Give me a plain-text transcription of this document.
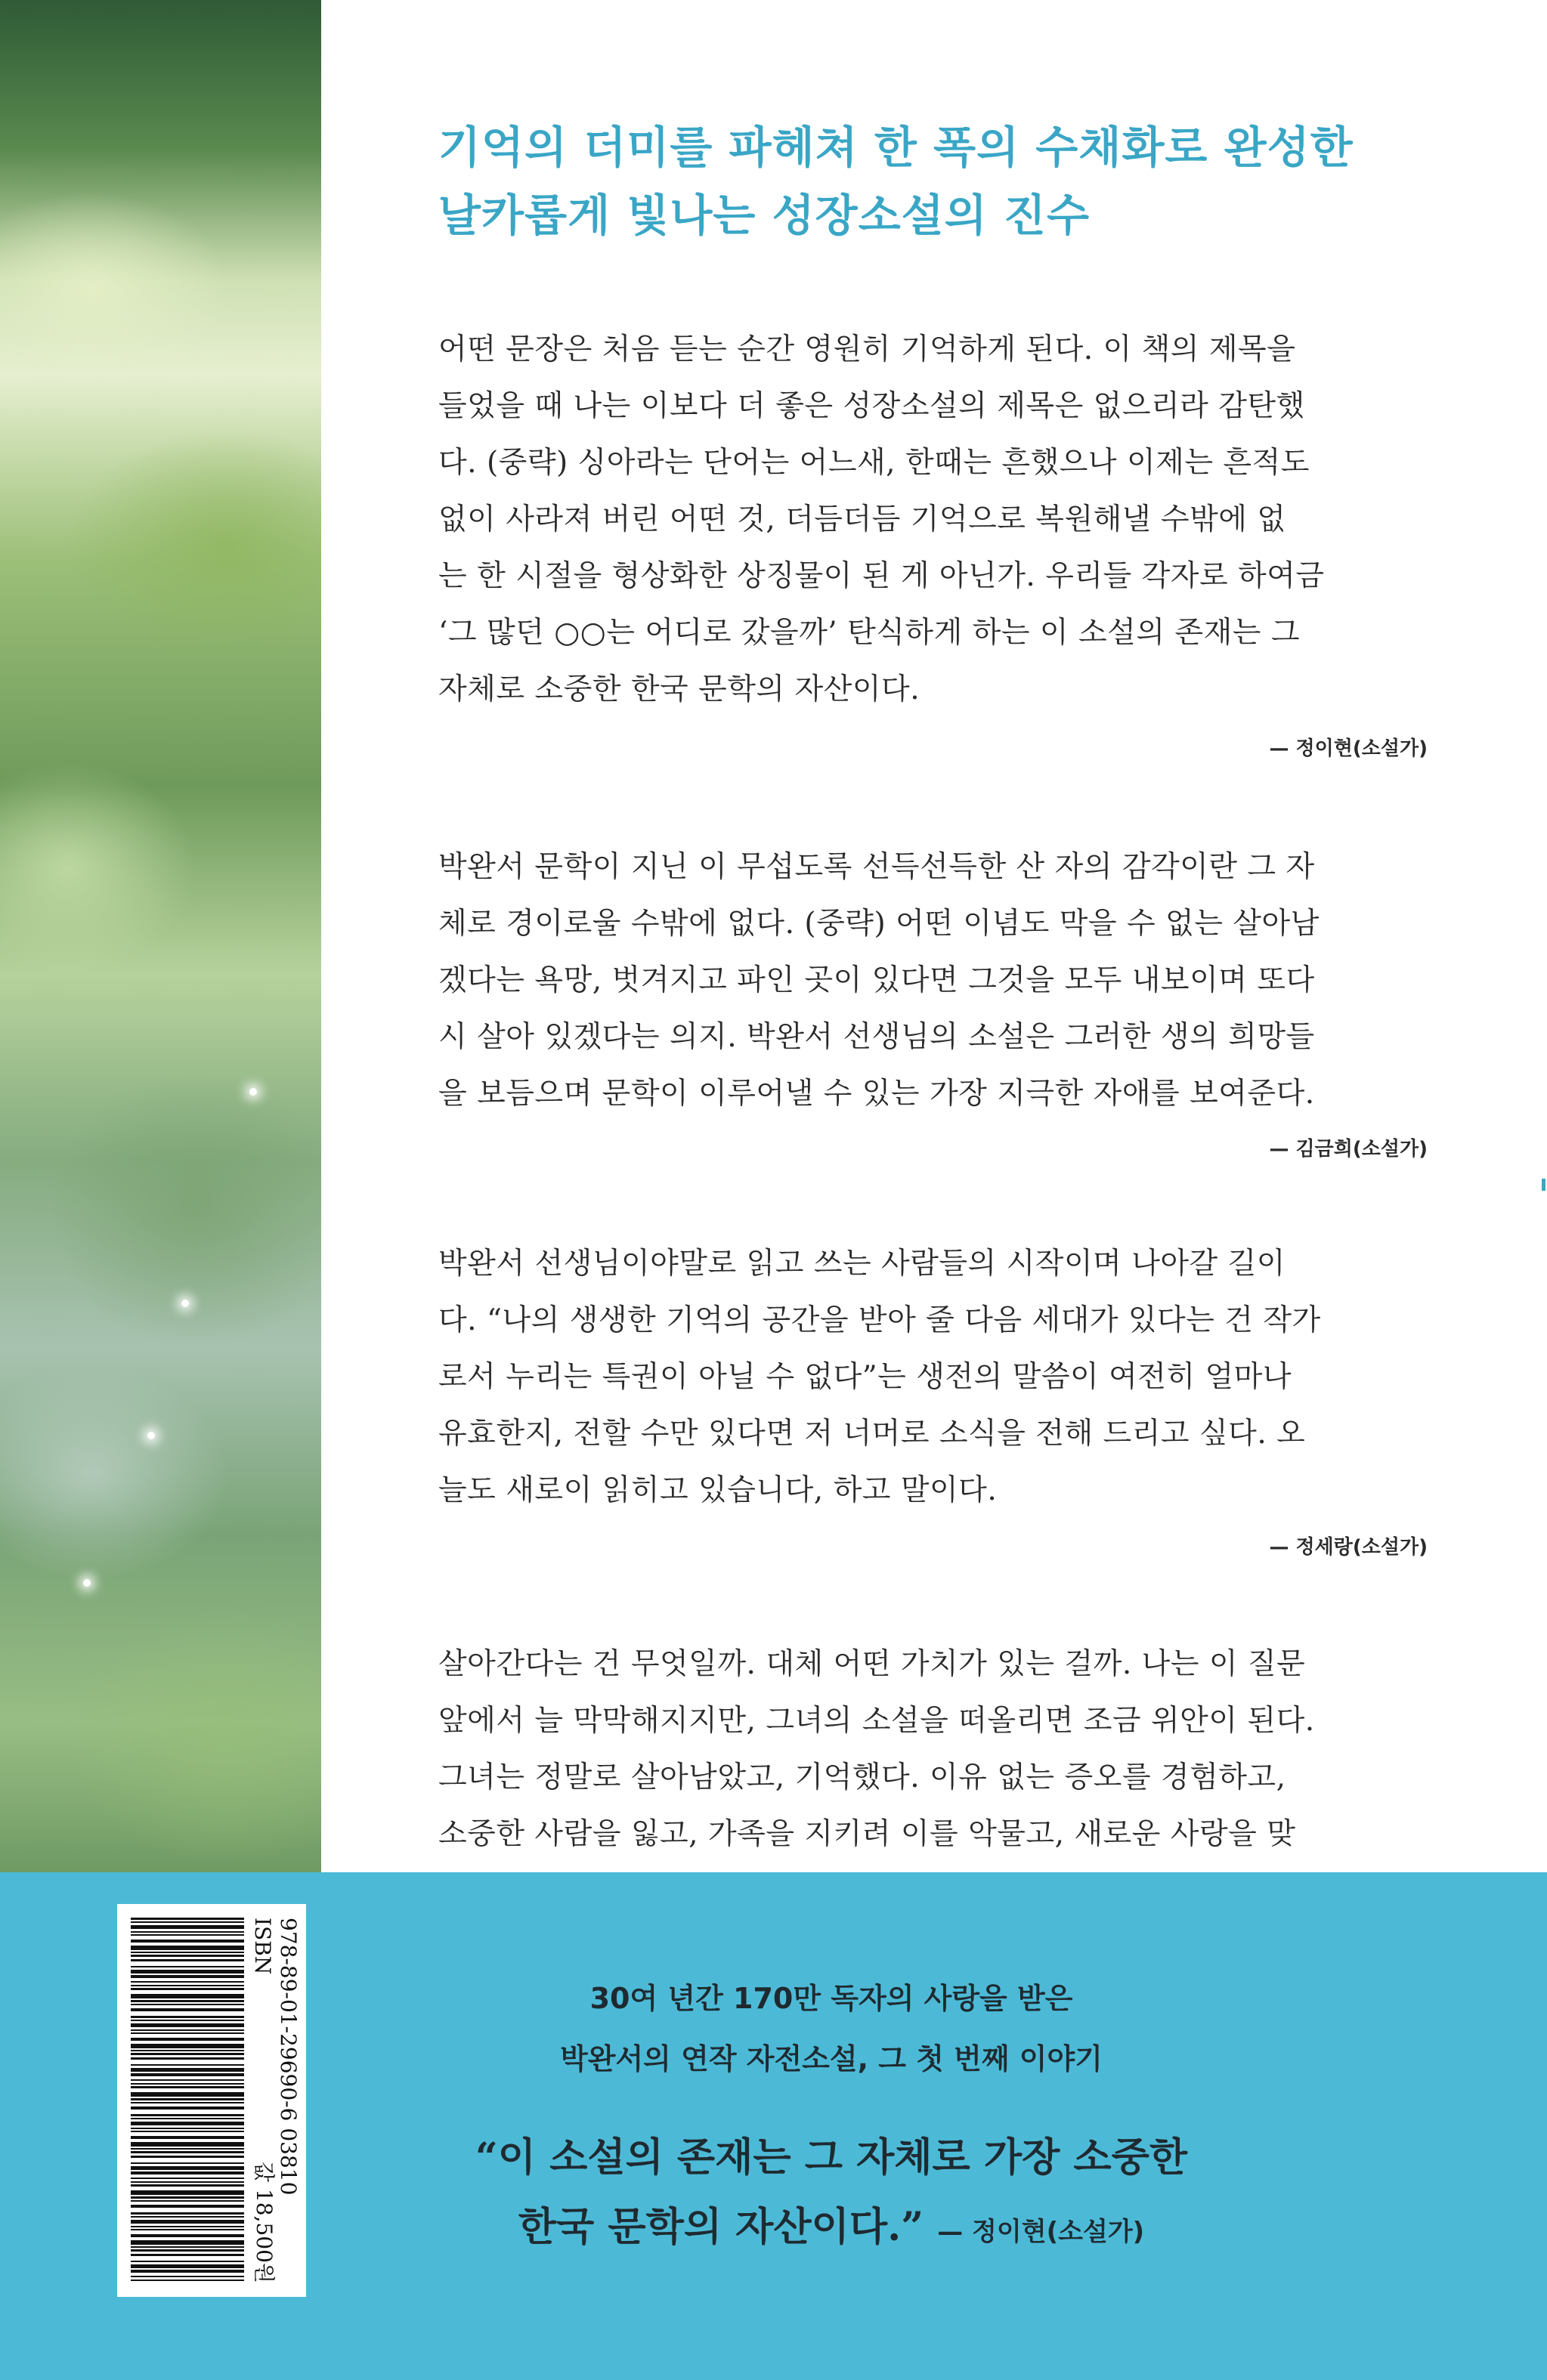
기억의 더미를 파헤쳐 한 폭의 수채화로 완성한
날카롭게 빛나는 성장소설의 진수

어떤 문장은 처음 듣는 순간 영원히 기억하게 된다. 이 책의 제목을

들었을 때 나는 이보다 더 좋은 성장소설의 제목은 없으리라 감탄했

다. (중략) 싱아라는 단어는 어느새, 한때는 흔했으나 이제는 흔적도

없이 사라져 버린 어떤 것, 더듬더듬 기억으로 복원해낼 수밖에 없

는 한 시절을 형상화한 상징물이 된 게 아닌가. 우리들 각자로 하여금

‘그 많던 ○○는 어디로 갔을까’ 탄식하게 하는 이 소설의 존재는 그

자체로 소중한 한국 문학의 자산이다.

— 정이현(소설가)

박완서 문학이 지닌 이 무섭도록 선득선득한 산 자의 감각이란 그 자

체로 경이로울 수밖에 없다. (중략) 어떤 이념도 막을 수 없는 살아남

겠다는 욕망, 벗겨지고 파인 곳이 있다면 그것을 모두 내보이며 또다

시 살아 있겠다는 의지. 박완서 선생님의 소설은 그러한 생의 희망들

을 보듬으며 문학이 이루어낼 수 있는 가장 지극한 자애를 보여준다.

— 김금희(소설가)

박완서 선생님이야말로 읽고 쓰는 사람들의 시작이며 나아갈 길이

다. “나의 생생한 기억의 공간을 받아 줄 다음 세대가 있다는 건 작가

로서 누리는 특권이 아닐 수 없다”는 생전의 말씀이 여전히 얼마나

유효한지, 전할 수만 있다면 저 너머로 소식을 전해 드리고 싶다. 오

늘도 새로이 읽히고 있습니다, 하고 말이다.

— 정세랑(소설가)

살아간다는 건 무엇일까. 대체 어떤 가치가 있는 걸까. 나는 이 질문

앞에서 늘 막막해지지만, 그녀의 소설을 떠올리면 조금 위안이 된다.

그녀는 정말로 살아남았고, 기억했다. 이유 없는 증오를 경험하고,

소중한 사람을 잃고, 가족을 지키려 이를 악물고, 새로운 사랑을 맞

ISBN 978-89-01-29690-6 03810
값 18,500원
30여 년간 170만 독자의 사랑을 받은
박완서의 연작 자전소설, 그 첫 번째 이야기
“이 소설의 존재는 그 자체로 가장 소중한
한국 문학의 자산이다.” — 정이현(소설가)
